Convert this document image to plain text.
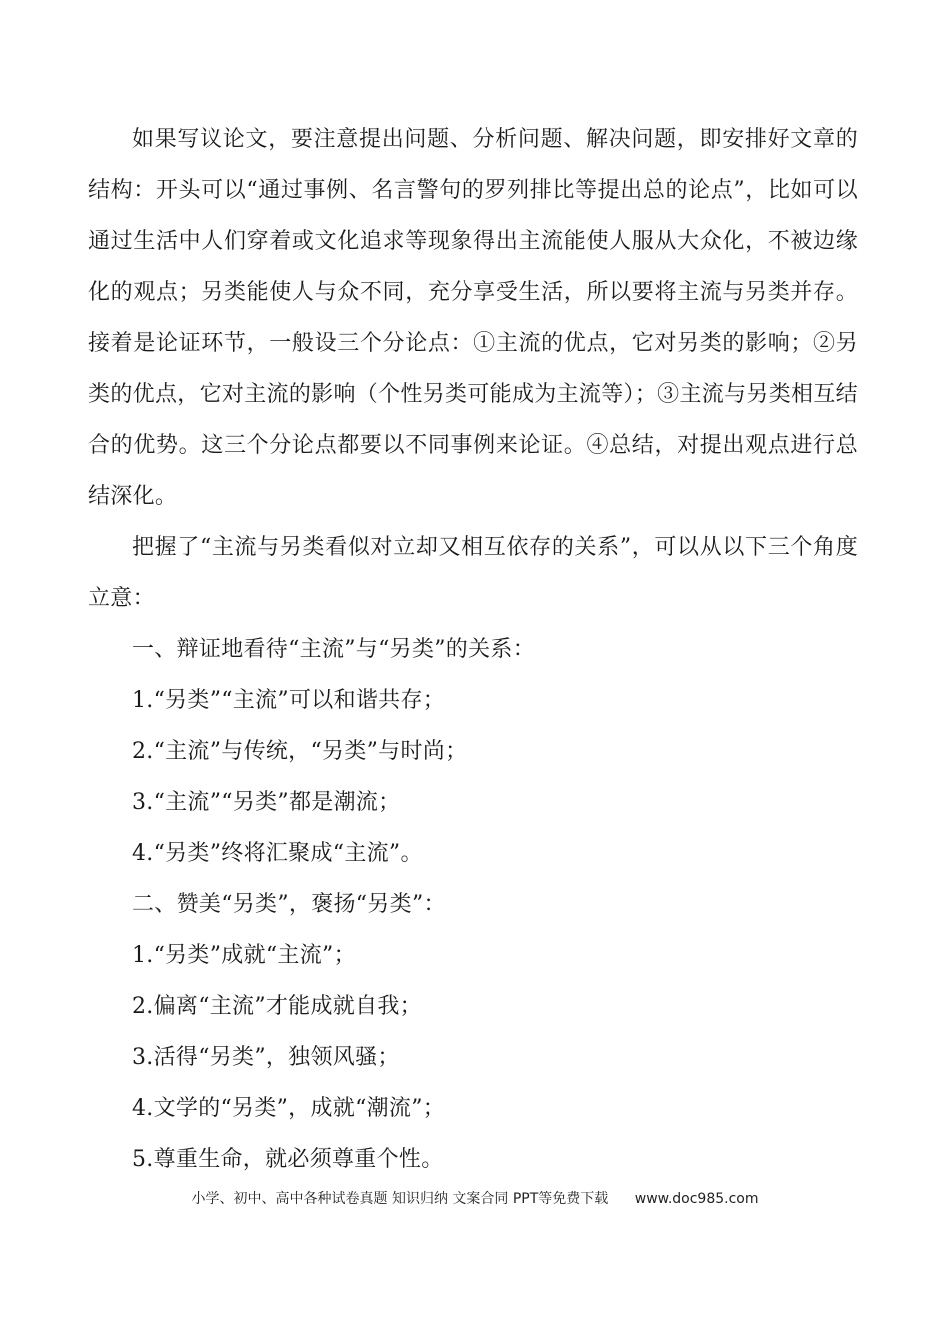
如果写议论文，要注意提出问题、分析问题、解决问题，即安排好文章的结构：开头可以“通过事例、名言警句的罗列排比等提出总的论点”，比如可以通过生活中人们穿着或文化追求等现象得出主流能使人服从大众化，不被边缘化的观点；另类能使人与众不同，充分享受生活，所以要将主流与另类并存。接着是论证环节，一般设三个分论点：①主流的优点，它对另类的影响；②另类的优点，它对主流的影响（个性另类可能成为主流等）；③主流与另类相互结合的优势。这三个分论点都要以不同事例来论证。④总结，对提出观点进行总结深化。

把握了“主流与另类看似对立却又相互依存的关系”，可以从以下三个角度立意：

一、辩证地看待“主流”与“另类”的关系：

1.“另类”“主流”可以和谐共存；

2.“主流”与传统，“另类”与时尚；

3.“主流”“另类”都是潮流；

4.“另类”终将汇聚成“主流”。

二、赞美“另类”，褒扬“另类”：

1.“另类”成就“主流”；

2.偏离“主流”才能成就自我；

3.活得“另类”，独领风骚；

4.文学的“另类”，成就“潮流”；

5.尊重生命，就必须尊重个性。

小学、初中、高中各种试卷真题 知识归纳 文案合同 PPT等免费下载 www.doc985.com
